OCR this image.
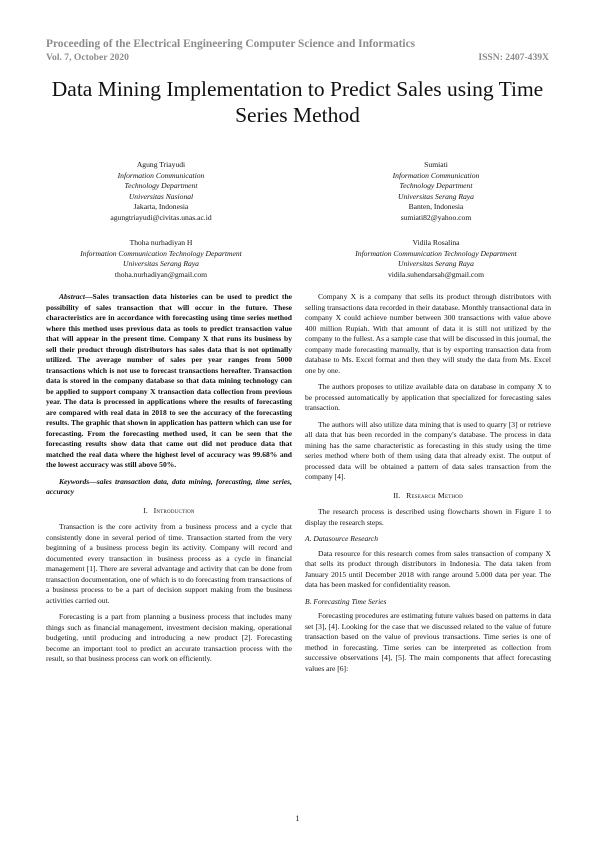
Proceeding of the Electrical Engineering Computer Science and Informatics
Vol. 7, October 2020	ISSN: 2407-439X
Data Mining Implementation to Predict Sales using Time Series Method
Agung Triayudi
Information Communication
Technology Department
Universitas Nasional
Jakarta, Indonesia
agungtriayudi@civitas.unas.ac.id
Sumiati
Information Communication
Technology Department
Universitas Serang Raya
Banten, Indonesia
sumiati82@yahoo.com
Thoha nurhadiyan H
Information Communication Technology Department
Universitas Serang Raya
thoha.nurhadiyan@gmail.com
Vidila Rosalina
Information Communication Technology Department
Universitas Serang Raya
vidila.suhendarsah@gmail.com

Abstract—Sales transaction data histories can be used to predict the possibility of sales transaction that will occur in the future. These characteristics are in accordance with forecasting using time series method where this method uses previous data as tools to predict transaction value that will appear in the present time. Company X that runs its business by sell their product through distributors has sales data that is not optimally utilized. The average number of sales per year ranges from 5000 transactions which is not use to forecast transactions hereafter. Transaction data is stored in the company database so that data mining technology can be applied to support company X transaction data collection from previous year. The data is processed in applications where the results of forecasting are compared with real data in 2018 to see the accuracy of the forecasting results. The graphic that shown in application has pattern which can use for forecasting. From the forecasting method used, it can be seen that the forecasting results show data that came out did not produce data that matched the real data where the highest level of accuracy was 99.68% and the lowest accuracy was still above 50%.

Keywords—sales transaction data, data mining, forecasting, time series, accuracy

I. Introduction

Transaction is the core activity from a business process and a cycle that consistently done in several period of time. Transaction started from the very beginning of a business process begin its activity. Company will record and documented every transaction in business process as a cycle in financial management [1]. There are several advantage and activity that can be done from transaction documentation, one of which is to do forecasting from transactions of a business process to be a part of decision support making from the business activities carried out.

Forecasting is a part from planning a business process that includes many things such as financial management, investment decision making, operational budgeting, until producing and introducing a new product [2]. Forecasting become an important tool to predict an accurate transaction process with the result, so that business process can work on efficiently.

Company X is a company that sells its product through distributors with selling transactions data recorded in their database. Monthly transactional data in company X could achieve number between 300 transactions with value above 400 million Rupiah. With that amount of data it is still not utilized by the company to the fullest. As a sample case that will be discussed in this journal, the company made forecasting manually, that is by exporting transaction data from database to Ms. Excel format and then they will study the data from Ms. Excel one by one.

The authors proposes to utilize available data on database in company X to be processed automatically by application that specialized for forecasting sales transaction.

The authors will also utilize data mining that is used to quarry [3] or retrieve all data that has been recorded in the company's database. The process in data mining has the same characteristic as forecasting in this study using the time series method where both of them using data that already exist. The output of processed data will be obtained a pattern of data sales transaction from the company [4].

II. Research Method

The research process is described using flowcharts shown in Figure 1 to display the research steps.

A. Datasource Research

Data resource for this research comes from sales transaction of company X that sells its product through distributors in Indonesia. The data taken from January 2015 until December 2018 with range around 5.000 data per year. The data has been masked for confidentiality reason.

B. Forecasting Time Series

Forecasting procedures are estimating future values based on patterns in data set [3], [4]. Looking for the case that we discussed related to the value of future transaction based on the value of previous transactions. Time series is one of method in forecasting. Time series can be interpreted as collection from successive observations [4], [5]. The main components that affect forecasting values are [6]:

1
